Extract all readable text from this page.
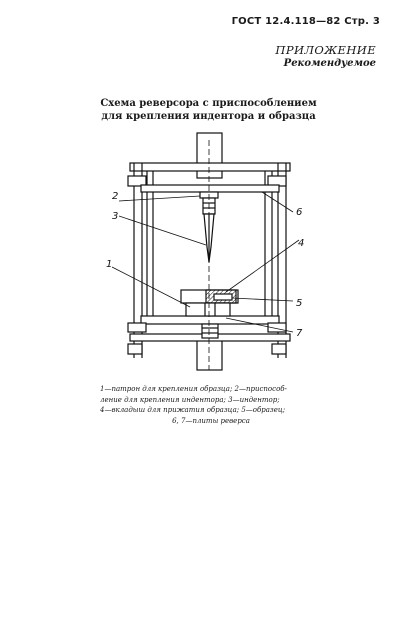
ГОСТ 12.4.118—82 Стр. 3
ПРИЛОЖЕНИЕ
Рекомендуемое
Схема реверсора с приспособлением
для крепления индентора и образца
2
3
1
4
5
6
7
1—патрон для крепления образца; 2—приспособ-
ление для крепления индентора; 3—индентор;
4—вкладыш для прижатия образца; 5—образец;
6, 7—плиты реверса
